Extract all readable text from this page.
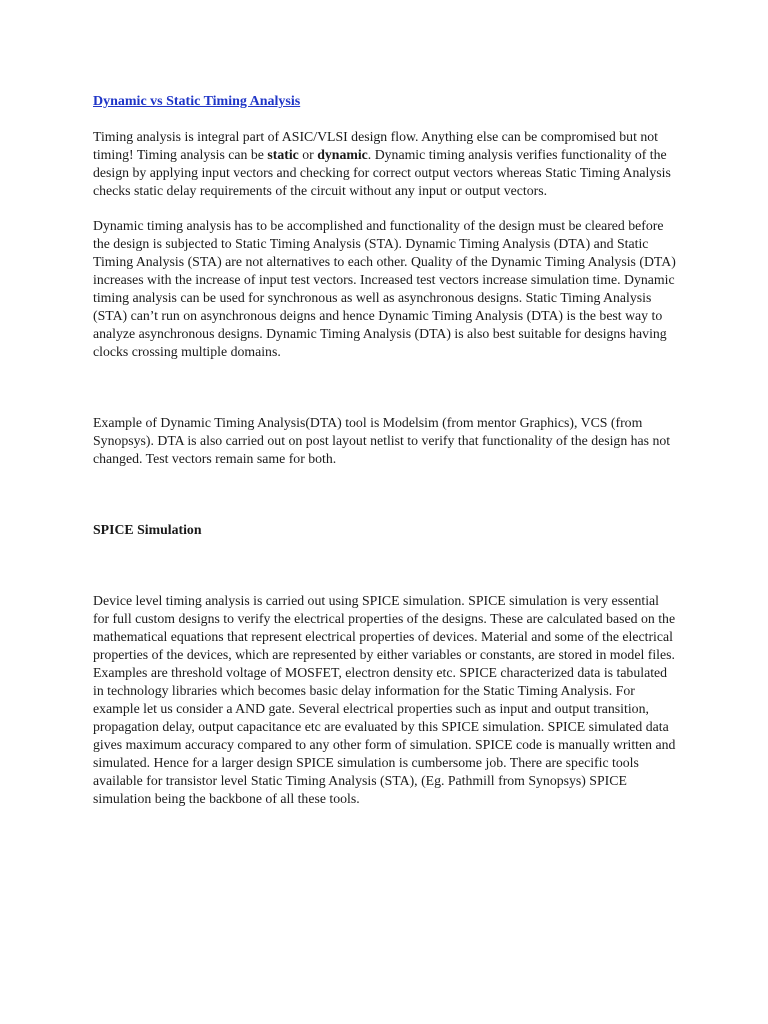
Dynamic vs Static Timing Analysis

Timing analysis is integral part of ASIC/VLSI design flow. Anything else can be compromised but not timing! Timing analysis can be static or dynamic. Dynamic timing analysis verifies functionality of the design by applying input vectors and checking for correct output vectors whereas Static Timing Analysis checks static delay requirements of the circuit without any input or output vectors.

Dynamic timing analysis has to be accomplished and functionality of the design must be cleared before the design is subjected to Static Timing Analysis (STA). Dynamic Timing Analysis (DTA) and Static Timing Analysis (STA) are not alternatives to each other. Quality of the Dynamic Timing Analysis (DTA) increases with the increase of input test vectors. Increased test vectors increase simulation time. Dynamic timing analysis can be used for synchronous as well as asynchronous designs. Static Timing Analysis (STA) can’t run on asynchronous deigns and hence Dynamic Timing Analysis (DTA) is the best way to analyze asynchronous designs. Dynamic Timing Analysis (DTA) is also best suitable for designs having clocks crossing multiple domains.

Example of Dynamic Timing Analysis(DTA) tool is Modelsim (from mentor Graphics), VCS (from Synopsys). DTA is also carried out on post layout netlist to verify that functionality of the design has not changed. Test vectors remain same for both.

SPICE Simulation

Device level timing analysis is carried out using SPICE simulation. SPICE simulation is very essential for full custom designs to verify the electrical properties of the designs. These are calculated based on the mathematical equations that represent electrical properties of devices. Material and some of the electrical properties of the devices, which are represented by either variables or constants, are stored in model files. Examples are threshold voltage of MOSFET, electron density etc. SPICE characterized data is tabulated in technology libraries which becomes basic delay information for the Static Timing Analysis. For example let us consider a AND gate. Several electrical properties such as input and output transition, propagation delay, output capacitance etc are evaluated by this SPICE simulation. SPICE simulated data gives maximum accuracy compared to any other form of simulation. SPICE code is manually written and simulated. Hence for a larger design SPICE simulation is cumbersome job. There are specific tools available for transistor level Static Timing Analysis (STA), (Eg. Pathmill from Synopsys) SPICE simulation being the backbone of all these tools.
